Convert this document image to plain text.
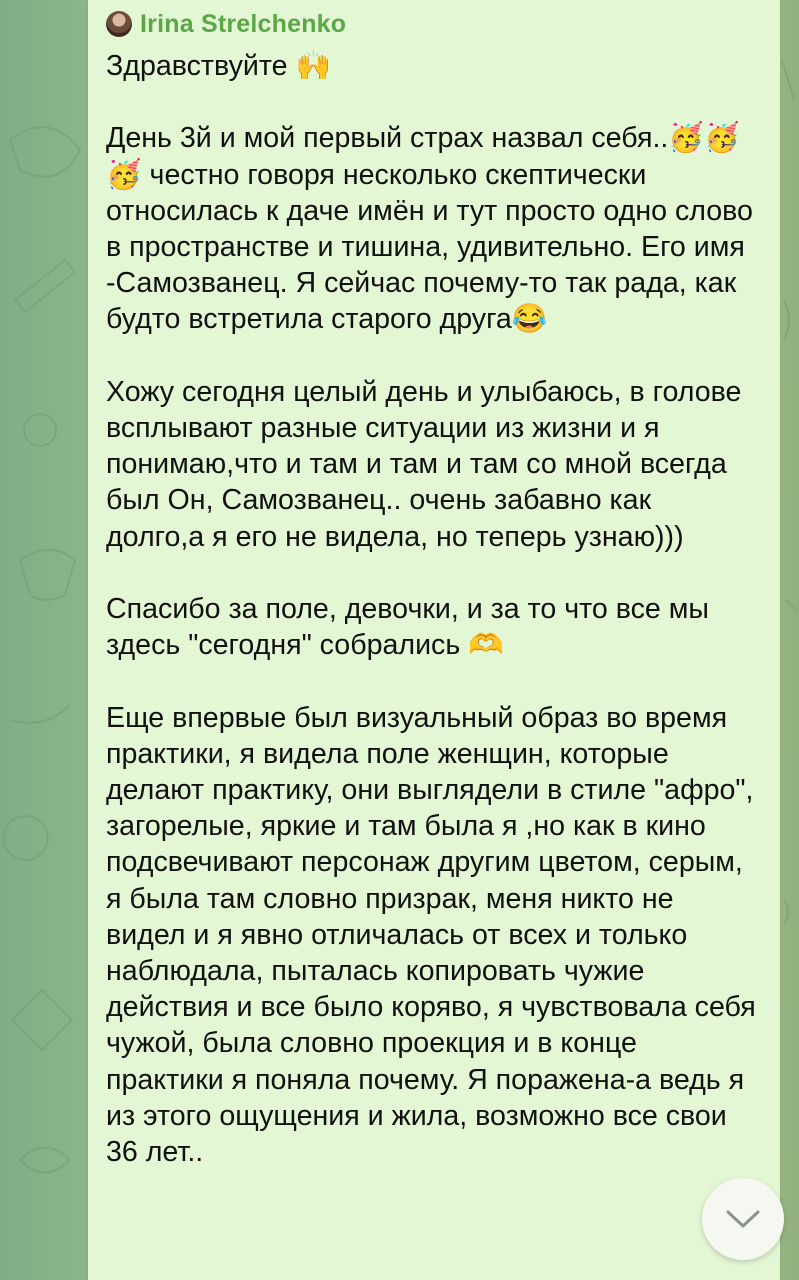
Irina Strelchenko
Здравствуйте 🙌

День 3й и мой первый страх назвал себя..🥳🥳🥳 честно говоря несколько скептически относилась к даче имён и тут просто одно слово в пространстве и тишина, удивительно. Его имя -Самозванец. Я сейчас почему-то так рада, как будто встретила старого друга😂

Хожу сегодня целый день и улыбаюсь, в голове всплывают разные ситуации из жизни и я понимаю,что и там и там и там со мной всегда был Он, Самозванец.. очень забавно как долго,а я его не видела, но теперь узнаю)))

Спасибо за поле, девочки, и за то что все мы здесь "сегодня" собрались 🫶

Еще впервые был визуальный образ во время практики, я видела поле женщин, которые делают практику, они выглядели в стиле "афро", загорелые, яркие и там была я ,но как в кино подсвечивают персонаж другим цветом, серым, я была там словно призрак, меня никто не видел и я явно отличалась от всех и только наблюдала, пыталась копировать чужие действия и все было коряво, я чувствовала себя чужой, была словно проекция и в конце практики я поняла почему. Я поражена-а ведь я из этого ощущения и жила, возможно все свои 36 лет..
